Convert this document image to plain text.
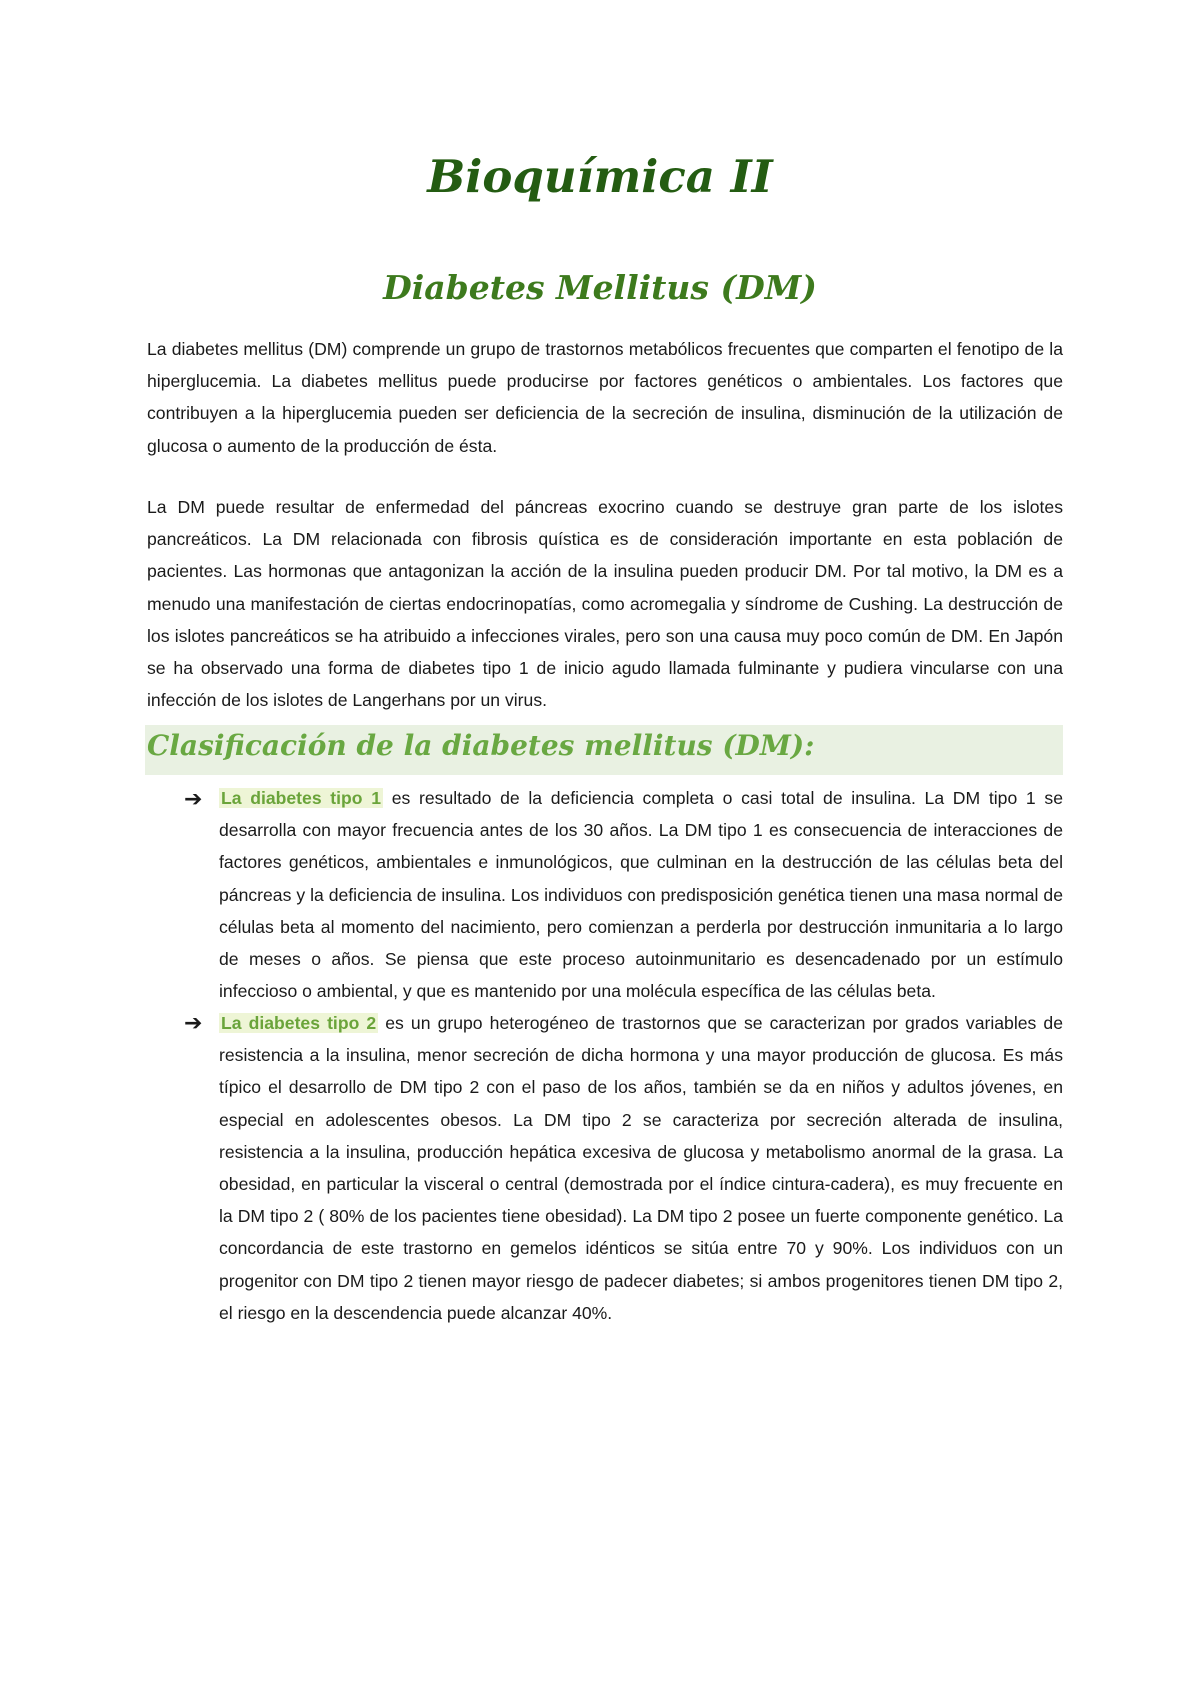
Bioquímica II
Diabetes Mellitus (DM)

La diabetes mellitus (DM) comprende un grupo de trastornos metabólicos frecuentes que comparten el fenotipo de la hiperglucemia. La diabetes mellitus puede producirse por factores genéticos o ambientales. Los factores que contribuyen a la hiperglucemia pueden ser deficiencia de la secreción de insulina, disminución de la utilización de glucosa o aumento de la producción de ésta.

La DM puede resultar de enfermedad del páncreas exocrino cuando se destruye gran parte de los islotes pancreáticos. La DM relacionada con fibrosis quística es de consideración importante en esta población de pacientes. Las hormonas que antagonizan la acción de la insulina pueden producir DM. Por tal motivo, la DM es a menudo una manifestación de ciertas endocrinopatías, como acromegalia y síndrome de Cushing. La destrucción de los islotes pancreáticos se ha atribuido a infecciones virales, pero son una causa muy poco común de DM. En Japón se ha observado una forma de diabetes tipo 1 de inicio agudo llamada fulminante y pudiera vincularse con una infección de los islotes de Langerhans por un virus.

Clasificación de la diabetes mellitus (DM):
➔ La diabetes tipo 1 es resultado de la deficiencia completa o casi total de insulina. La DM tipo 1 se desarrolla con mayor frecuencia antes de los 30 años. La DM tipo 1 es consecuencia de interacciones de factores genéticos, ambientales e inmunológicos, que culminan en la destrucción de las células beta del páncreas y la deficiencia de insulina. Los individuos con predisposición genética tienen una masa normal de células beta al momento del nacimiento, pero comienzan a perderla por destrucción inmunitaria a lo largo de meses o años. Se piensa que este proceso autoinmunitario es desencadenado por un estímulo infeccioso o ambiental, y que es mantenido por una molécula específica de las células beta.

➔ La diabetes tipo 2 es un grupo heterogéneo de trastornos que se caracterizan por grados variables de resistencia a la insulina, menor secreción de dicha hormona y una mayor producción de glucosa. Es más típico el desarrollo de DM tipo 2 con el paso de los años, también se da en niños y adultos jóvenes, en especial en adolescentes obesos. La DM tipo 2 se caracteriza por secreción alterada de insulina, resistencia a la insulina, producción hepática excesiva de glucosa y metabolismo anormal de la grasa. La obesidad, en particular la visceral o central (demostrada por el índice cintura-cadera), es muy frecuente en la DM tipo 2 ( 80% de los pacientes tiene obesidad). La DM tipo 2 posee un fuerte componente genético. La concordancia de este trastorno en gemelos idénticos se sitúa entre 70 y 90%. Los individuos con un progenitor con DM tipo 2 tienen mayor riesgo de padecer diabetes; si ambos progenitores tienen DM tipo 2, el riesgo en la descendencia puede alcanzar 40%.
